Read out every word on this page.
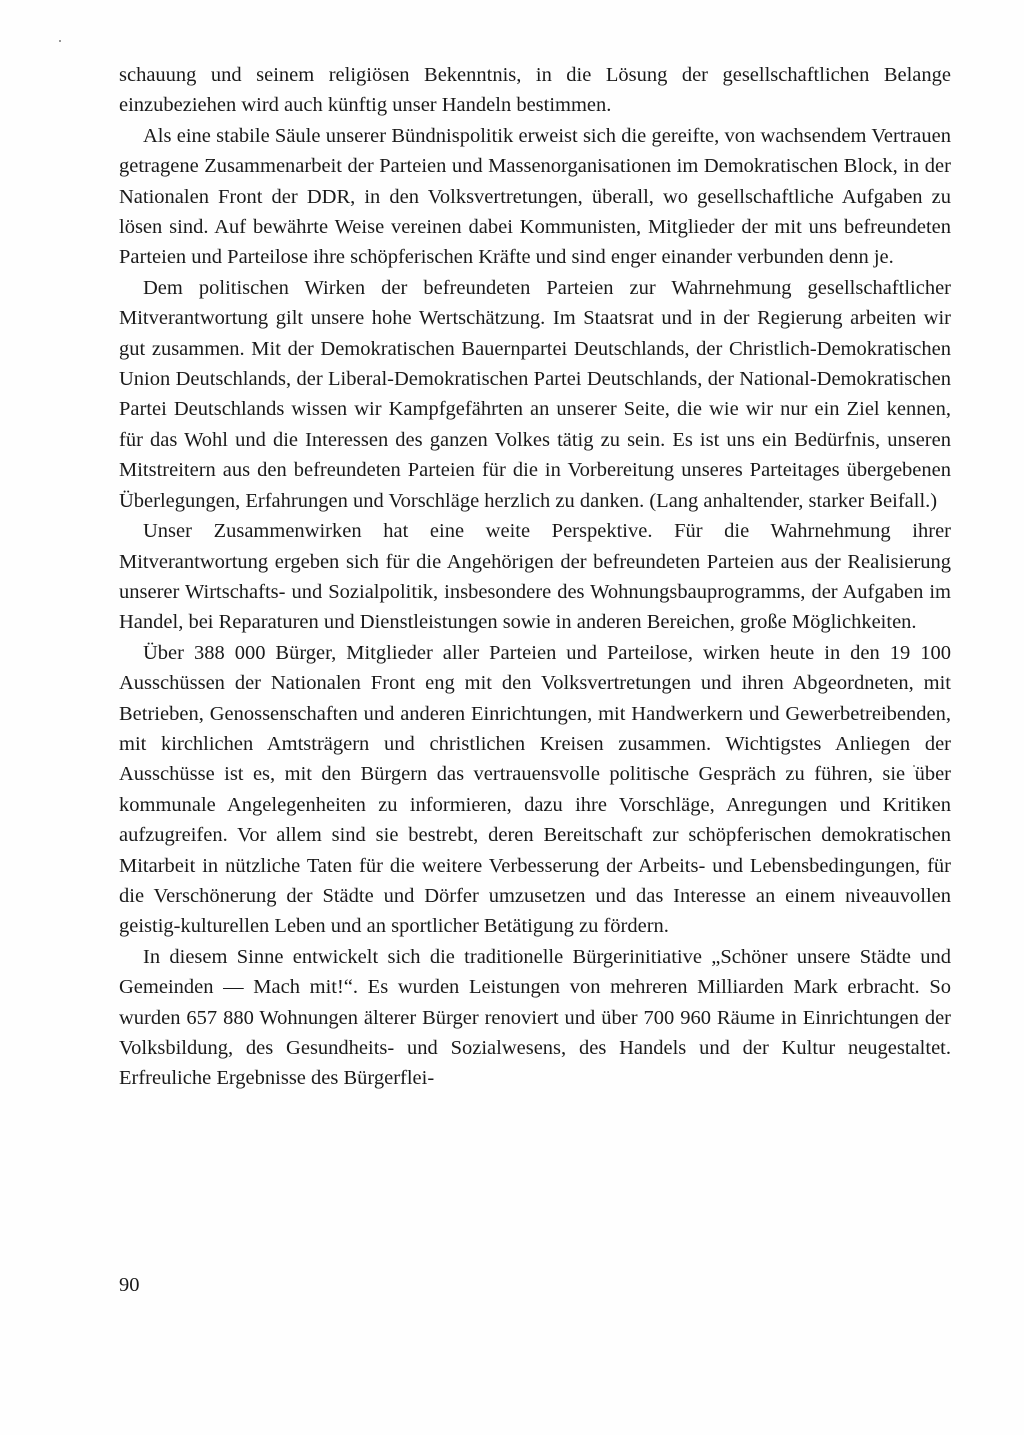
schauung und seinem religiösen Bekenntnis, in die Lösung der gesellschaftlichen Belange einzubeziehen wird auch künftig unser Handeln bestimmen.

Als eine stabile Säule unserer Bündnispolitik erweist sich die gereifte, von wachsendem Vertrauen getragene Zusammenarbeit der Parteien und Massenorganisationen im Demokratischen Block, in der Nationalen Front der DDR, in den Volksvertretungen, überall, wo gesellschaftliche Aufgaben zu lösen sind. Auf bewährte Weise vereinen dabei Kommunisten, Mitglieder der mit uns befreundeten Parteien und Parteilose ihre schöpferischen Kräfte und sind enger einander verbunden denn je.

Dem politischen Wirken der befreundeten Parteien zur Wahrnehmung gesellschaftlicher Mitverantwortung gilt unsere hohe Wertschätzung. Im Staatsrat und in der Regierung arbeiten wir gut zusammen. Mit der Demokratischen Bauernpartei Deutschlands, der Christlich-Demokratischen Union Deutschlands, der Liberal-Demokratischen Partei Deutschlands, der National-Demokratischen Partei Deutschlands wissen wir Kampfgefährten an unserer Seite, die wie wir nur ein Ziel kennen, für das Wohl und die Interessen des ganzen Volkes tätig zu sein. Es ist uns ein Bedürfnis, unseren Mitstreitern aus den befreundeten Parteien für die in Vorbereitung unseres Parteitages übergebenen Überlegungen, Erfahrungen und Vorschläge herzlich zu danken. (Lang anhaltender, starker Beifall.)

Unser Zusammenwirken hat eine weite Perspektive. Für die Wahrnehmung ihrer Mitverantwortung ergeben sich für die Angehörigen der befreundeten Parteien aus der Realisierung unserer Wirtschafts- und Sozialpolitik, insbesondere des Wohnungsbauprogramms, der Aufgaben im Handel, bei Reparaturen und Dienstleistungen sowie in anderen Bereichen, große Möglichkeiten.

Über 388 000 Bürger, Mitglieder aller Parteien und Parteilose, wirken heute in den 19 100 Ausschüssen der Nationalen Front eng mit den Volksvertretungen und ihren Abgeordneten, mit Betrieben, Genossenschaften und anderen Einrichtungen, mit Handwerkern und Gewerbetreibenden, mit kirchlichen Amtsträgern und christlichen Kreisen zusammen. Wichtigstes Anliegen der Ausschüsse ist es, mit den Bürgern das vertrauensvolle politische Gespräch zu führen, sie über kommunale Angelegenheiten zu informieren, dazu ihre Vorschläge, Anregungen und Kritiken aufzugreifen. Vor allem sind sie bestrebt, deren Bereitschaft zur schöpferischen demokratischen Mitarbeit in nützliche Taten für die weitere Verbesserung der Arbeits- und Lebensbedingungen, für die Verschönerung der Städte und Dörfer umzusetzen und das Interesse an einem niveauvollen geistig-kulturellen Leben und an sportlicher Betätigung zu fördern.

In diesem Sinne entwickelt sich die traditionelle Bürgerinitiative „Schöner unsere Städte und Gemeinden — Mach mit!“. Es wurden Leistungen von mehreren Milliarden Mark erbracht. So wurden 657 880 Wohnungen älterer Bürger renoviert und über 700 960 Räume in Einrichtungen der Volksbildung, des Gesundheits- und Sozialwesens, des Handels und der Kultur neugestaltet. Erfreuliche Ergebnisse des Bürgerflei-

90
